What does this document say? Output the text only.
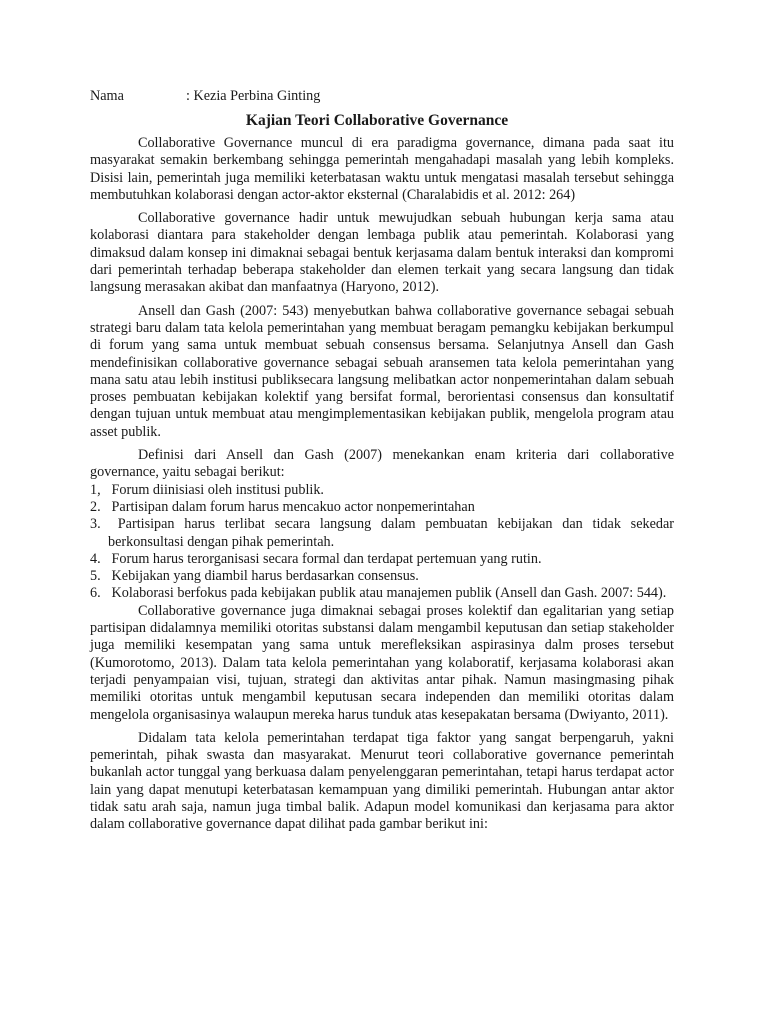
Nama	: Kezia Perbina Ginting
Kajian Teori Collaborative Governance

Collaborative Governance muncul di era paradigma governance, dimana pada saat itu masyarakat semakin berkembang sehingga pemerintah mengahadapi masalah yang lebih kompleks. Disisi lain, pemerintah juga memiliki keterbatasan waktu untuk mengatasi masalah tersebut sehingga membutuhkan kolaborasi dengan actor-aktor eksternal (Charalabidis et al. 2012: 264)

Collaborative governance hadir untuk mewujudkan sebuah hubungan kerja sama atau kolaborasi diantara para stakeholder dengan lembaga publik atau pemerintah. Kolaborasi yang dimaksud dalam konsep ini dimaknai sebagai bentuk kerjasama dalam bentuk interaksi dan kompromi dari pemerintah terhadap beberapa stakeholder dan elemen terkait yang secara langsung dan tidak langsung merasakan akibat dan manfaatnya (Haryono, 2012).

Ansell dan Gash (2007: 543) menyebutkan bahwa collaborative governance sebagai sebuah strategi baru dalam tata kelola pemerintahan yang membuat beragam pemangku kebijakan berkumpul di forum yang sama untuk membuat sebuah consensus bersama. Selanjutnya Ansell dan Gash mendefinisikan collaborative governance sebagai sebuah aransemen tata kelola pemerintahan yang mana satu atau lebih institusi publiksecara langsung melibatkan actor nonpemerintahan dalam sebuah proses pembuatan kebijakan kolektif yang bersifat formal, berorientasi consensus dan konsultatif dengan tujuan untuk membuat atau mengimplementasikan kebijakan publik, mengelola program atau asset publik.

Definisi dari Ansell dan Gash (2007) menekankan enam kriteria dari collaborative governance, yaitu sebagai berikut:

1, Forum diinisiasi oleh institusi publik.
2. Partisipan dalam forum harus mencakuo actor nonpemerintahan
3. Partisipan harus terlibat secara langsung dalam pembuatan kebijakan dan tidak sekedar berkonsultasi dengan pihak pemerintah.
4. Forum harus terorganisasi secara formal dan terdapat pertemuan yang rutin.
5. Kebijakan yang diambil harus berdasarkan consensus.
6. Kolaborasi berfokus pada kebijakan publik atau manajemen publik (Ansell dan Gash. 2007: 544).

Collaborative governance juga dimaknai sebagai proses kolektif dan egalitarian yang setiap partisipan didalamnya memiliki otoritas substansi dalam mengambil keputusan dan setiap stakeholder juga memiliki kesempatan yang sama untuk merefleksikan aspirasinya dalm proses tersebut (Kumorotomo, 2013). Dalam tata kelola pemerintahan yang kolaboratif, kerjasama kolaborasi akan terjadi penyampaian visi, tujuan, strategi dan aktivitas antar pihak. Namun masingmasing pihak memiliki otoritas untuk mengambil keputusan secara independen dan memiliki otoritas dalam mengelola organisasinya walaupun mereka harus tunduk atas kesepakatan bersama (Dwiyanto, 2011).

Didalam tata kelola pemerintahan terdapat tiga faktor yang sangat berpengaruh, yakni pemerintah, pihak swasta dan masyarakat. Menurut teori collaborative governance pemerintah bukanlah actor tunggal yang berkuasa dalam penyelenggaran pemerintahan, tetapi harus terdapat actor lain yang dapat menutupi keterbatasan kemampuan yang dimiliki pemerintah. Hubungan antar aktor tidak satu arah saja, namun juga timbal balik. Adapun model komunikasi dan kerjasama para aktor dalam collaborative governance dapat dilihat pada gambar berikut ini:
